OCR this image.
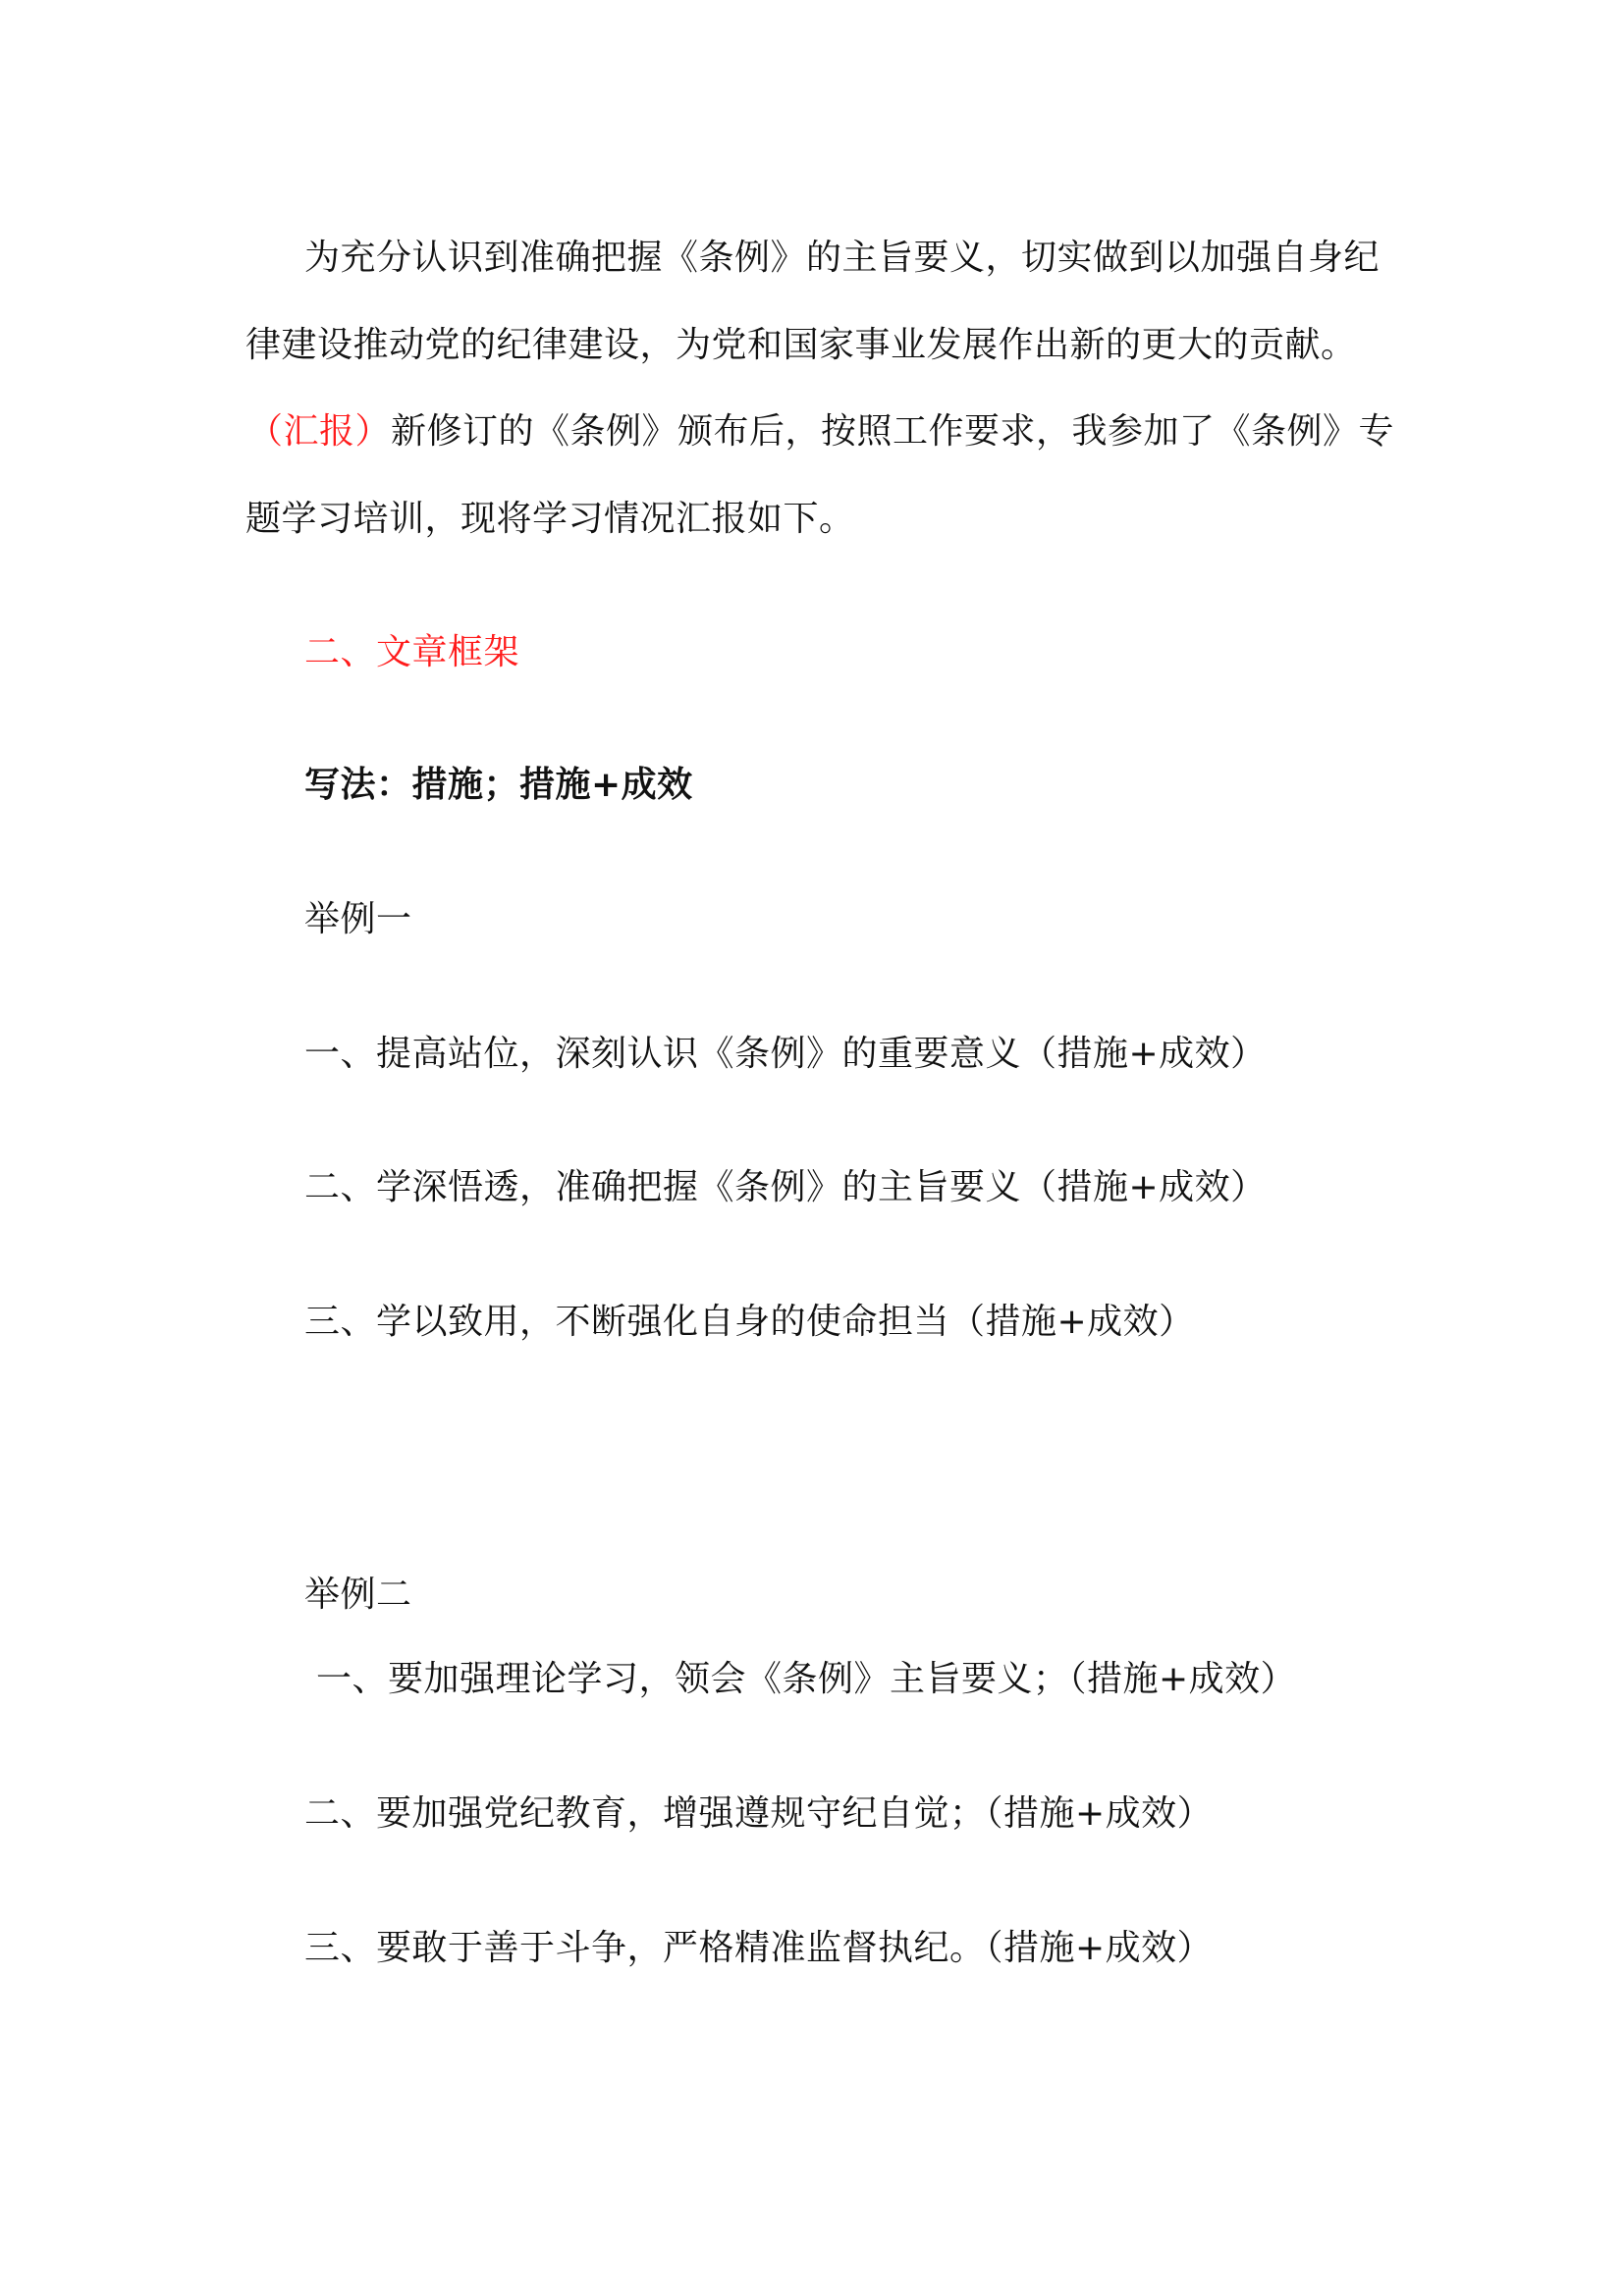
为充分认识到准确把握《条例》的主旨要义，切实做到以加强自身纪
律建设推动党的纪律建设，为党和国家事业发展作出新的更大的贡献。
（汇报）新修订的《条例》颁布后，按照工作要求，我参加了《条例》专
题学习培训，现将学习情况汇报如下。
二、文章框架
写法：措施；措施+成效
举例一
一、提高站位，深刻认识《条例》的重要意义（措施+成效）
二、学深悟透，准确把握《条例》的主旨要义（措施+成效）
三、学以致用，不断强化自身的使命担当（措施+成效）
举例二
一、要加强理论学习，领会《条例》主旨要义；（措施+成效）
二、要加强党纪教育，增强遵规守纪自觉；（措施+成效）
三、要敢于善于斗争，严格精准监督执纪。（措施+成效）
